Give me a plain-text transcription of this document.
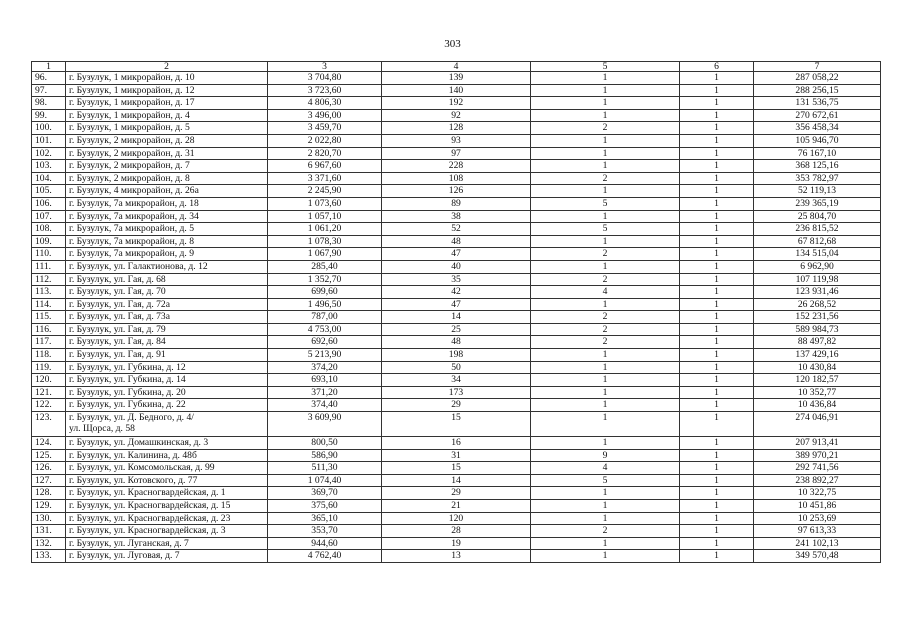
303
1	2	3	4	5	6	7
96.	г. Бузулук, 1 микрорайон, д. 10	3 704,80	139	1	1	287 058,22
97.	г. Бузулук, 1 микрорайон, д. 12	3 723,60	140	1	1	288 256,15
98.	г. Бузулук, 1 микрорайон, д. 17	4 806,30	192	1	1	131 536,75
99.	г. Бузулук, 1 микрорайон, д. 4	3 496,00	92	1	1	270 672,61
100.	г. Бузулук, 1 микрорайон, д. 5	3 459,70	128	2	1	356 458,34
101.	г. Бузулук, 2 микрорайон, д. 28	2 022,80	93	1	1	105 946,70
102.	г. Бузулук, 2 микрорайон, д. 31	2 820,70	97	1	1	76 167,10
103.	г. Бузулук, 2 микрорайон, д. 7	6 967,60	228	1	1	368 125,16
104.	г. Бузулук, 2 микрорайон, д. 8	3 371,60	108	2	1	353 782,97
105.	г. Бузулук, 4 микрорайон, д. 26а	2 245,90	126	1	1	52 119,13
106.	г. Бузулук, 7а микрорайон, д. 18	1 073,60	89	5	1	239 365,19
107.	г. Бузулук, 7а микрорайон, д. 34	1 057,10	38	1	1	25 804,70
108.	г. Бузулук, 7а микрорайон, д. 5	1 061,20	52	5	1	236 815,52
109.	г. Бузулук, 7а микрорайон, д. 8	1 078,30	48	1	1	67 812,68
110.	г. Бузулук, 7а микрорайон, д. 9	1 067,90	47	2	1	134 515,04
111.	г. Бузулук, ул. Галактионова, д. 12	285,40	40	1	1	6 962,90
112.	г. Бузулук, ул. Гая, д. 68	1 352,70	35	2	1	107 119,98
113.	г. Бузулук, ул. Гая, д. 70	699,60	42	4	1	123 931,46
114.	г. Бузулук, ул. Гая, д. 72а	1 496,50	47	1	1	26 268,52
115.	г. Бузулук, ул. Гая, д. 73а	787,00	14	2	1	152 231,56
116.	г. Бузулук, ул. Гая, д. 79	4 753,00	25	2	1	589 984,73
117.	г. Бузулук, ул. Гая, д. 84	692,60	48	2	1	88 497,82
118.	г. Бузулук, ул. Гая, д. 91	5 213,90	198	1	1	137 429,16
119.	г. Бузулук, ул. Губкина, д. 12	374,20	50	1	1	10 430,84
120.	г. Бузулук, ул. Губкина, д. 14	693,10	34	1	1	120 182,57
121.	г. Бузулук, ул. Губкина, д. 20	371,20	173	1	1	10 352,77
122.	г. Бузулук, ул. Губкина, д. 22	374,40	29	1	1	10 436,84
123.	г. Бузулук, ул. Д. Бедного, д. 4/
ул. Щорса, д. 58	3 609,90	15	1	1	274 046,91
124.	г. Бузулук, ул. Домашкинская, д. 3	800,50	16	1	1	207 913,41
125.	г. Бузулук, ул. Калинина, д. 48б	586,90	31	9	1	389 970,21
126.	г. Бузулук, ул. Комсомольская, д. 99	511,30	15	4	1	292 741,56
127.	г. Бузулук, ул. Котовского, д. 77	1 074,40	14	5	1	238 892,27
128.	г. Бузулук, ул. Красногвардейская, д. 1	369,70	29	1	1	10 322,75
129.	г. Бузулук, ул. Красногвардейская, д. 15	375,60	21	1	1	10 451,86
130.	г. Бузулук, ул. Красногвардейская, д. 23	365,10	120	1	1	10 253,69
131.	г. Бузулук, ул. Красногвардейская, д. 3	353,70	28	2	1	97 613,33
132.	г. Бузулук, ул. Луганская, д. 7	944,60	19	1	1	241 102,13
133.	г. Бузулук, ул. Луговая, д. 7	4 762,40	13	1	1	349 570,48
